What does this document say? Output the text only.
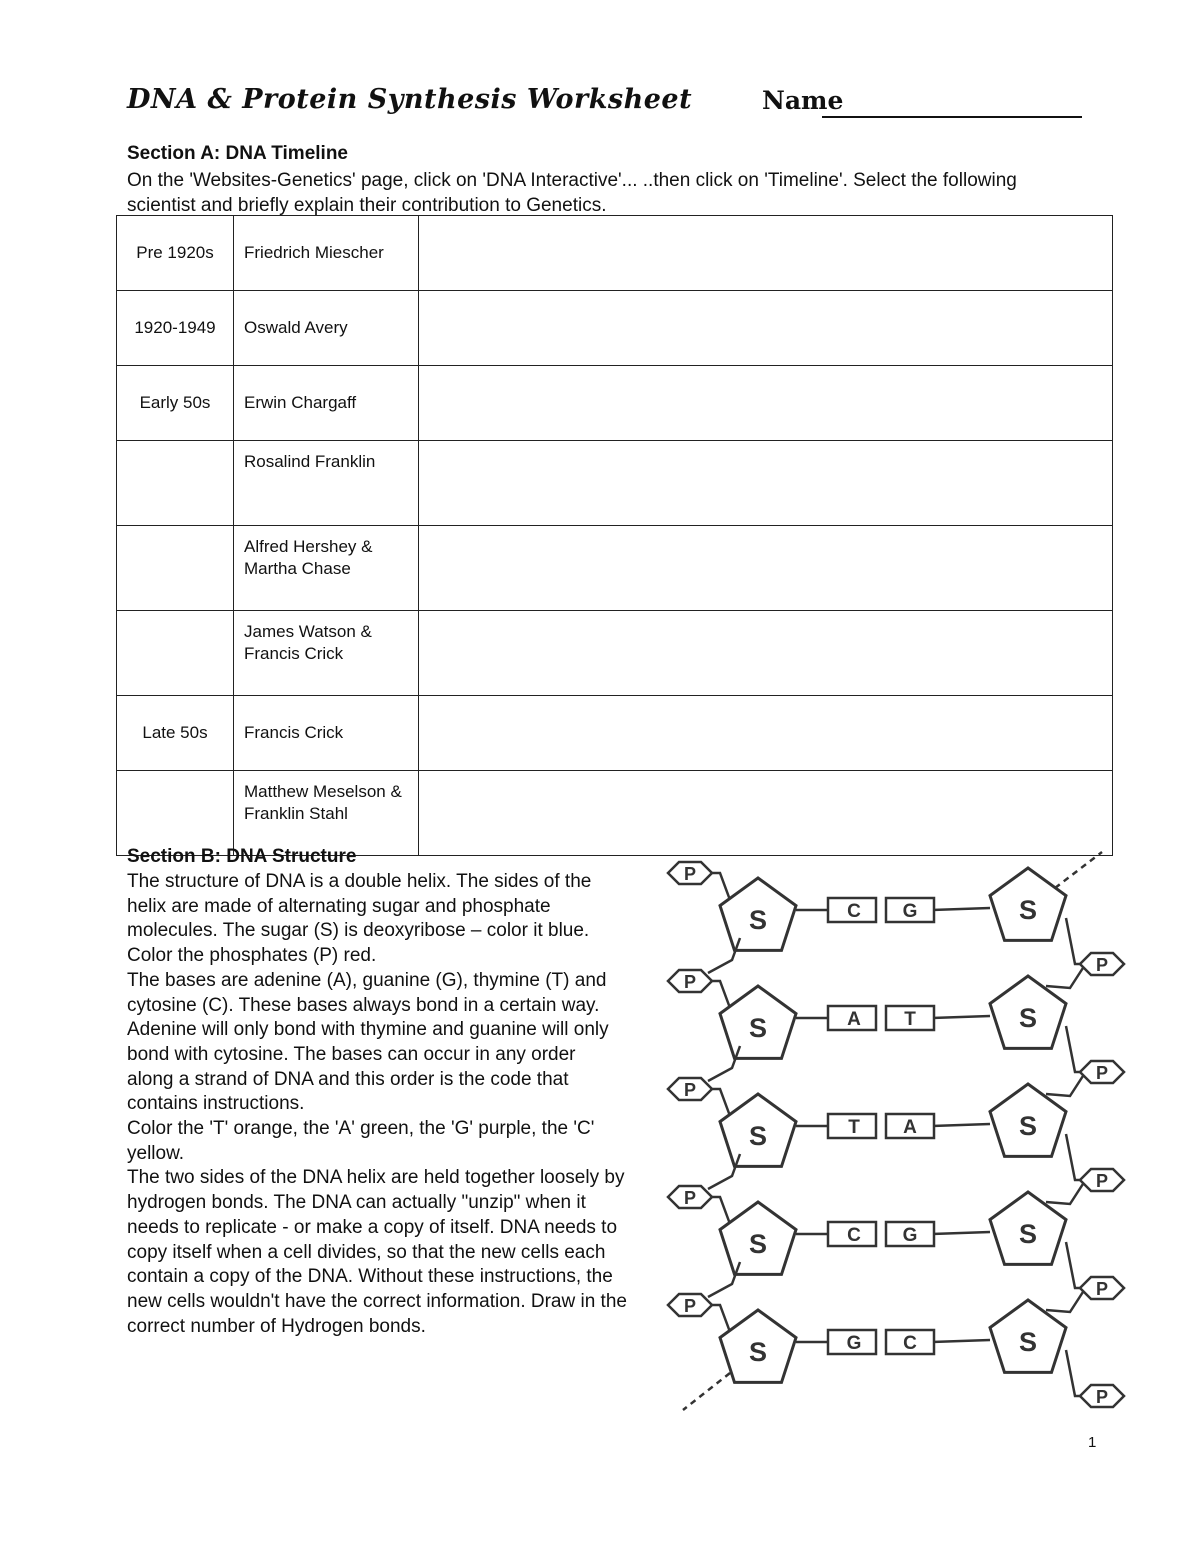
DNA & Protein Synthesis Worksheet	Name
Section A: DNA Timeline
On the 'Websites-Genetics' page, click on 'DNA Interactive'... ..then click on 'Timeline'. Select the following scientist and briefly explain their contribution to Genetics.
Pre 1920s	Friedrich Miescher	
1920-1949	Oswald Avery	
Early 50s	Erwin Chargaff	
	Rosalind Franklin	
	Alfred Hershey & Martha Chase	
	James Watson & Francis Crick	
Late 50s	Francis Crick	
	Matthew Meselson & Franklin Stahl	
Section B: DNA Structure

The structure of DNA is a double helix. The sides of the helix are made of alternating sugar and phosphate molecules. The sugar (S) is deoxyribose – color it blue. Color the phosphates (P) red.

The bases are adenine (A), guanine (G), thymine (T) and cytosine (C). These bases always bond in a certain way. Adenine will only bond with thymine and guanine will only bond with cytosine. The bases can occur in any order along a strand of DNA and this order is the code that contains instructions.

Color the 'T' orange, the 'A' green, the 'G' purple, the 'C' yellow.

The two sides of the DNA helix are held together loosely by hydrogen bonds. The DNA can actually "unzip" when it needs to replicate - or make a copy of itself. DNA needs to copy itself when a cell divides, so that the new cells each contain a copy of the DNA. Without these instructions, the new cells wouldn't have the correct information. Draw in the correct number of Hydrogen bonds.

P
P
S	S
C G
P
P
S	S
A T
P
P
S	S
T A
P
P
S	S
C G
P
P
S	S
G C
1
